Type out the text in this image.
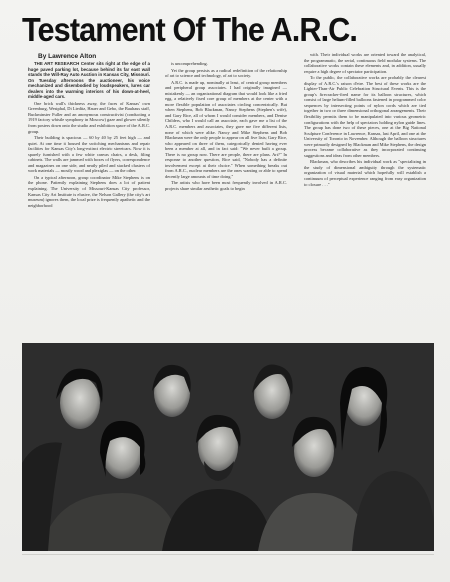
Testament Of The A.R.C.
By Lawrence Alton

THE ART RESEARCH Center sits right at the edge of a huge paved parking lot, because behind its far east wall stands the Will-Ray Auto Auction in Kansas City, Missouri. On Tuesday afternoons the auctioneer, his voice mechanized and disembodied by loudspeakers, lures car dealers into the warming interiors of his down-at-heel, middle-aged cars.

One brick wall's thickness away, the faces of Kansas' own Greenburg, Westphal, Di Lieditz, Hauer and Gebo, the Bauhaus staff, Buckminster Fuller and an anonymous constructivist (conducting a 1919 factory whistle symphony in Moscow) gaze and glower silently from posters down onto the studio and exhibition space of the A.R.C. group.

Their building is spacious — 60 by 40 by 25 feet high — and quiet. At one time it housed the switching mechanisms and repair facilities for Kansas City's long-extinct electric streetcars. Now it is sparely furnished with a few white canvas chairs, a desk, filing cabinets. The walls are jammed with boxes of flyers, correspondence and magazines on one side, and neatly piled and stacked clusters of work materials — mostly wood and plexiglas — on the other.

On a typical afternoon, group coordinator Mike Stephens is on the phone. Patiently explaining Stephens does a lot of patient explaining. The University of Missouri-Kansas City professor, Kansas City Art Institute is elusive, the Nelson Gallery (the city's art museum) ignores them, the local prize is frequently apathetic and the neighborhood

is uncomprehending.

Yet the group persists as a radical redefinition of the relationship of art to science and technology, of art to society.

A.R.C. is made up, nominally at least, of central group members and peripheral group associates. I had originally imagined — mistakenly — an organizational diagram that would look like a fried egg, a relatively fixed core group of members at the center with a more flexible population of associates circling concentrically. But when Stephens, Bob Blackman, Nancy Stephens (Stephen's wife), and Gary Rice, all of whom I would consider members, and Denise Childers, who I would call an associate, each gave me a list of the A.R.C. members and associates, they gave me five different lists, none of which were alike. Nancy and Mike Stephens and Bob Blackman were the only people to appear on all five lists; Gary Rice, who appeared on three of them, categorically denied having ever been a member at all, and in fact said: "We never built a group. There is no group now. There are people, there are plans. Art?" In response to another question, Rice said, "Nobody has a definite involvement except at their choice." When something breaks out from A.R.C., nuclear members are the ones wanting or able to spend decently large amounts of time doing."

The artists who have been most frequently involved in A.R.C. projects share similar aesthetic goals to begin

with. Their individual works are oriented toward the analytical, the programmatic, the serial, continuous field modular systems. The collaborative works contain these elements and, in addition, usually require a high degree of spectator participation.

To the public, the collaborative works are probably the clearest display of A.R.C.'s raison d'etre. The best of these works are the Lighter-Than-Air Public Celebration Structural Events. This is the group's firecracker-fired name for its balloon structures, which consist of large helium-filled balloons fastened in programmed color sequences by intersecting points of nylon cords which are tied together in two or three dimensional orthogonal arrangements. Their flexibility permits them to be manipulated into various geometric configurations with the help of spectators holding nylon guide lines. The group has done two of these pieces, one at the Big National Sculpture Conference in Lawrence, Kansas, last April, and one at the University of Toronto in November. Although the balloon structures were primarily designed by Blackman and Mike Stephens, the design process became collaborative as they incorporated continuing suggestions and ideas from other members.

Blackman, who describes his individual work as "specializing in the study of dimensional ambiguity through the systematic organization of visual material which hopefully will establish a continuum of perceptual experience ranging from easy organization to closure . . ."
